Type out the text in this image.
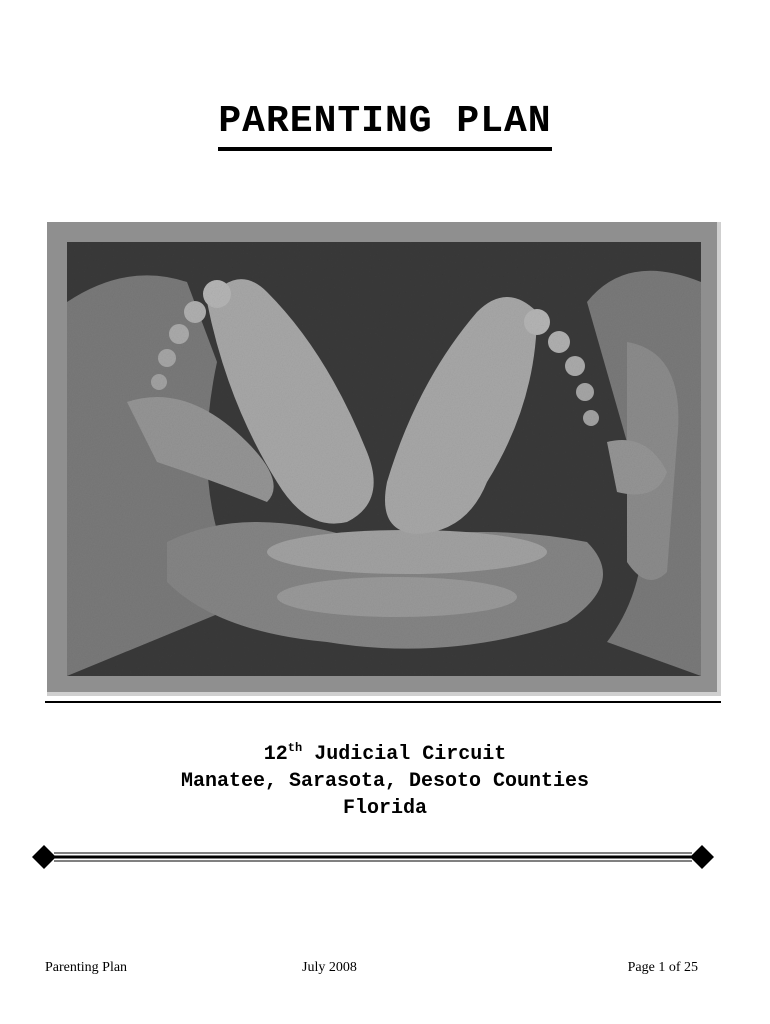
PARENTING PLAN
12th Judicial Circuit
Manatee, Sarasota, Desoto Counties
Florida
Parenting Plan	July 2008	Page 1 of 25
